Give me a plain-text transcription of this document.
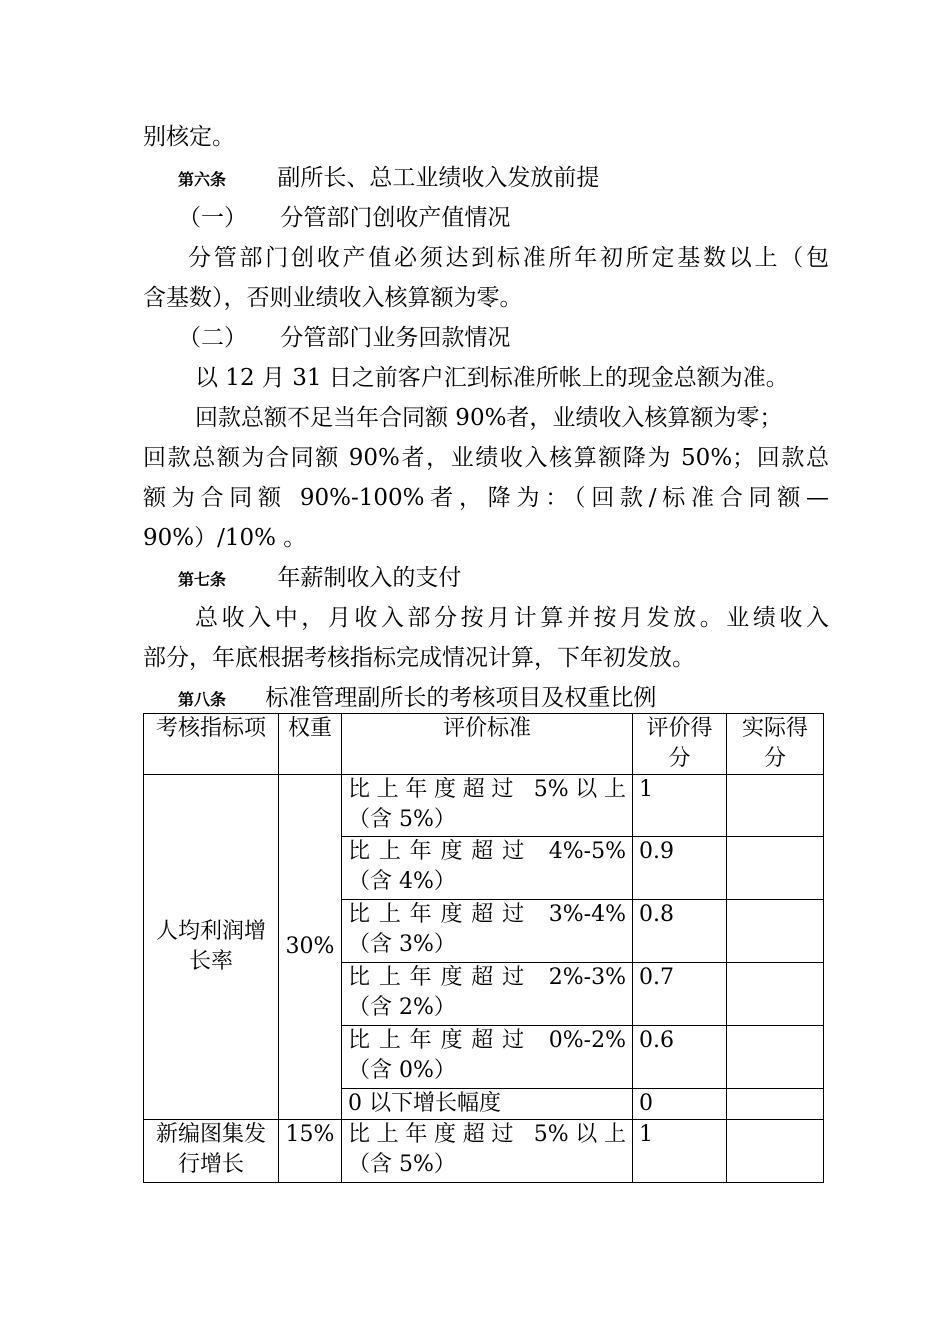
别核定。
第六条 副所长、总工业绩收入发放前提
（一） 分管部门创收产值情况
分管部门创收产值必须达到标准所年初所定基数以上（包
含基数），否则业绩收入核算额为零。
（二） 分管部门业务回款情况
以 12 月 31 日之前客户汇到标准所帐上的现金总额为准。
回款总额不足当年合同额 90%者，业绩收入核算额为零；
回款总额为合同额 90%者，业绩收入核算额降为 50%；回款总
额为合同额 90%-100%者，降为：（回款/标准合同额—
90%）/10% 。
第七条 年薪制收入的支付
总收入中，月收入部分按月计算并按月发放。业绩收入
部分，年底根据考核指标完成情况计算，下年初发放。
第八条 标准管理副所长的考核项目及权重比例
考核指标项	权重	评价标准	评价得分	实际得分
人均利润增长率	30%	比上年度超过 5%以上
（含 5%）	1	

		比上年度超过 4%-5%
（含 4%）	0.9	

		比上年度超过 3%-4%
（含 3%）	0.8	

		比上年度超过 2%-3%
（含 2%）	0.7	

		比上年度超过 0%-2%
（含 0%）	0.6	
		0 以下增长幅度	0	
新编图集发行增长	15%	比上年度超过 5%以上
（含 5%）	1	
